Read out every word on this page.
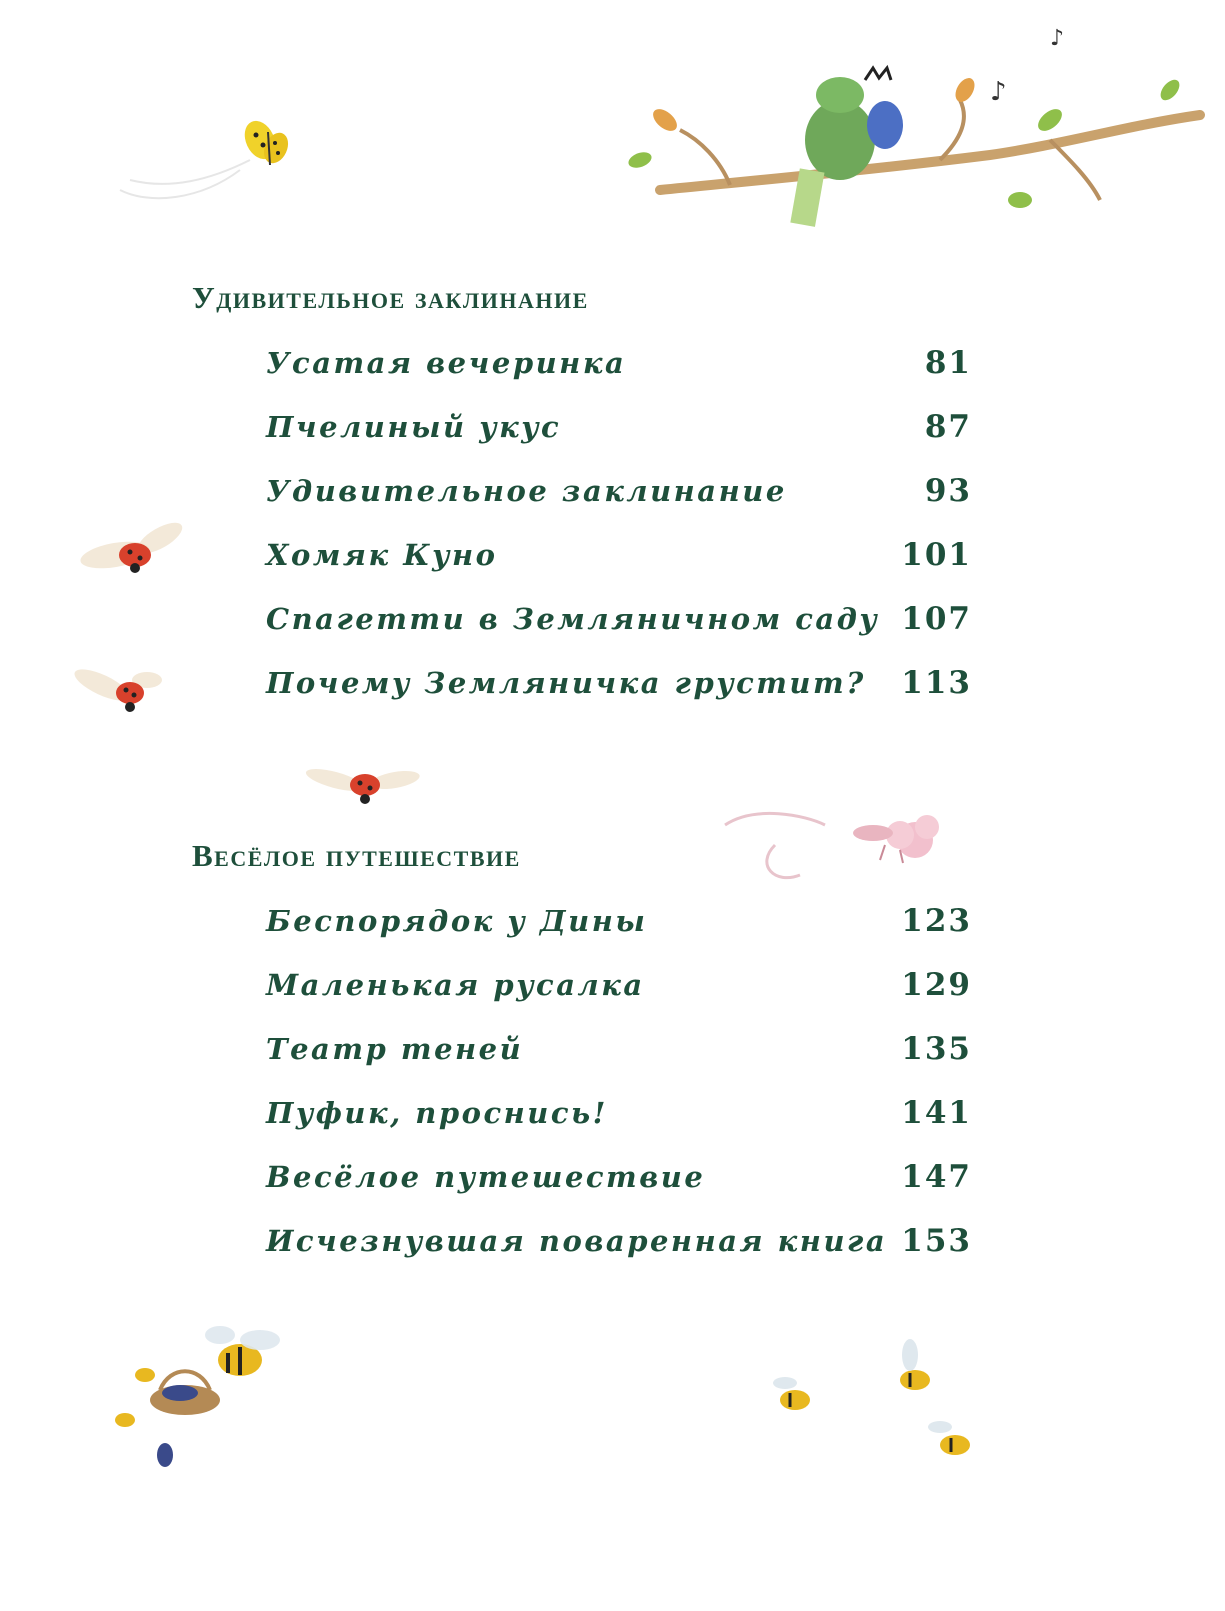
♪
♪
Удивительное заклинание
Усатая вечеринка	81
Пчелиный укус	87
Удивительное заклинание	93
Хомяк Куно	101
Спагетти в Земляничном саду 107
Почему Земляничка грустит? 113
Весёлое путешествие
Беспорядок у Дины	123
Маленькая русалка	129
Театр теней	135
Пуфик, проснись!	141
Весёлое путешествие	147
Исчезнувшая поваренная книга 153
